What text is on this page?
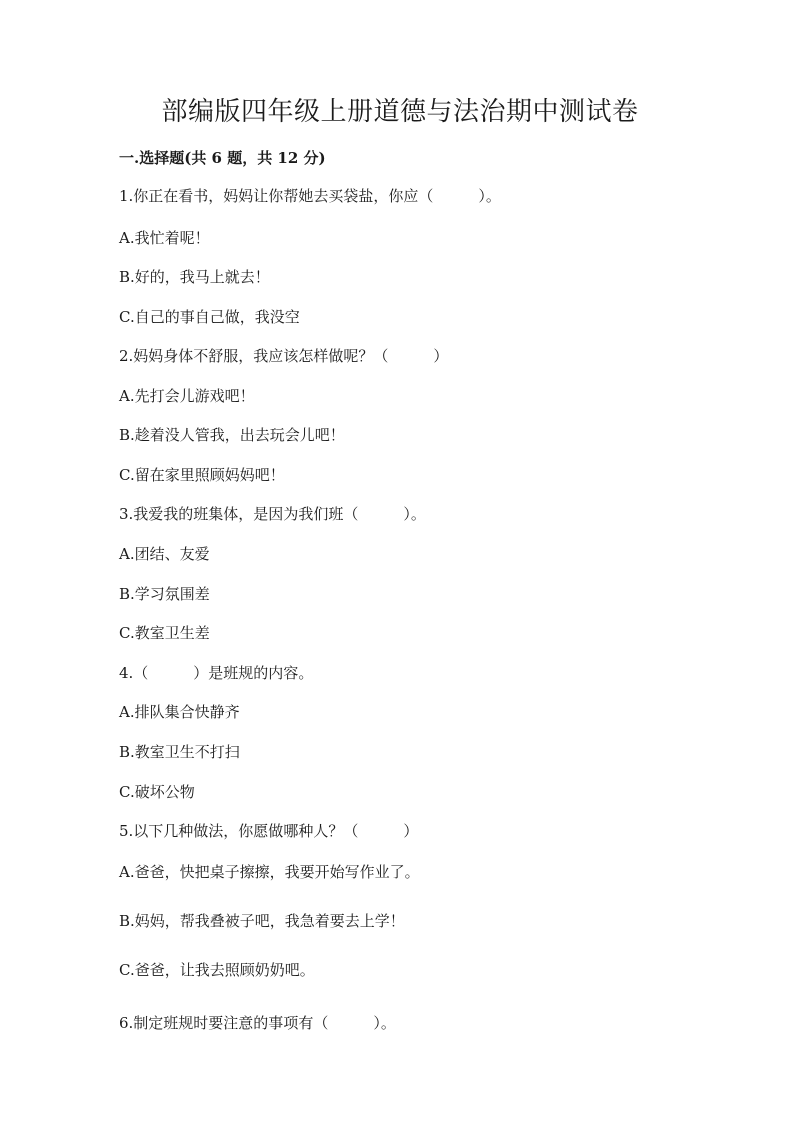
部编版四年级上册道德与法治期中测试卷
一.选择题(共 6 题，共 12 分)
1.你正在看书，妈妈让你帮她去买袋盐，你应（　　　）。
A.我忙着呢！
B.好的，我马上就去！
C.自己的事自己做，我没空
2.妈妈身体不舒服，我应该怎样做呢？（　　　）
A.先打会儿游戏吧！
B.趁着没人管我，出去玩会儿吧！
C.留在家里照顾妈妈吧！
3.我爱我的班集体，是因为我们班（　　　）。
A.团结、友爱
B.学习氛围差
C.教室卫生差
4.（　　　）是班规的内容。
A.排队集合快静齐
B.教室卫生不打扫
C.破坏公物
5.以下几种做法，你愿做哪种人？（　　　）
A.爸爸，快把桌子擦擦，我要开始写作业了。
B.妈妈，帮我叠被子吧，我急着要去上学！
C.爸爸，让我去照顾奶奶吧。
6.制定班规时要注意的事项有（　　　）。
